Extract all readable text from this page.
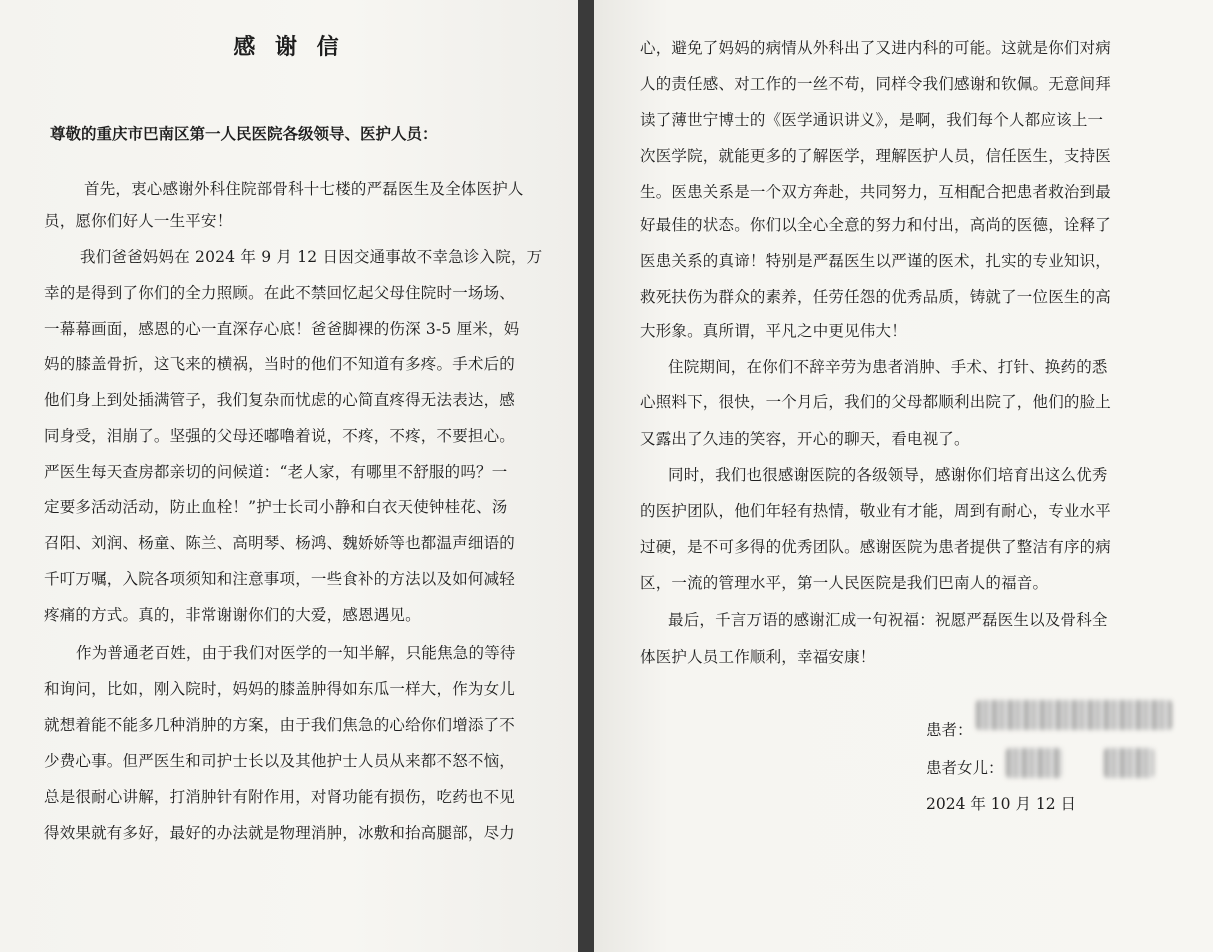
感 谢 信
尊敬的重庆市巴南区第一人民医院各级领导、医护人员：
首先，衷心感谢外科住院部骨科十七楼的严磊医生及全体医护人
员，愿你们好人一生平安！
我们爸爸妈妈在 2024 年 9 月 12 日因交通事故不幸急诊入院，万
幸的是得到了你们的全力照顾。在此不禁回忆起父母住院时一场场、
一幕幕画面，感恩的心一直深存心底！爸爸脚裸的伤深 3-5 厘米，妈
妈的膝盖骨折，这飞来的横祸，当时的他们不知道有多疼。手术后的
他们身上到处插满管子，我们复杂而忧虑的心简直疼得无法表达，感
同身受，泪崩了。坚强的父母还嘟噜着说，不疼，不疼，不要担心。
严医生每天查房都亲切的问候道：“老人家，有哪里不舒服的吗？一
定要多活动活动，防止血栓！”护士长司小静和白衣天使钟桂花、汤
召阳、刘润、杨童、陈兰、高明琴、杨鸿、魏娇娇等也都温声细语的
千叮万嘱，入院各项须知和注意事项，一些食补的方法以及如何减轻
疼痛的方式。真的，非常谢谢你们的大爱，感恩遇见。
作为普通老百姓，由于我们对医学的一知半解，只能焦急的等待
和询问，比如，刚入院时，妈妈的膝盖肿得如东瓜一样大，作为女儿
就想着能不能多几种消肿的方案，由于我们焦急的心给你们增添了不
少费心事。但严医生和司护士长以及其他护士人员从来都不怒不恼，
总是很耐心讲解，打消肿针有附作用，对肾功能有损伤，吃药也不见
得效果就有多好，最好的办法就是物理消肿，冰敷和抬高腿部，尽力
心，避免了妈妈的病情从外科出了又进内科的可能。这就是你们对病
人的责任感、对工作的一丝不苟，同样令我们感谢和钦佩。无意间拜
读了薄世宁博士的《医学通识讲义》，是啊，我们每个人都应该上一
次医学院，就能更多的了解医学，理解医护人员，信任医生，支持医
生。医患关系是一个双方奔赴，共同努力，互相配合把患者救治到最
好最佳的状态。你们以全心全意的努力和付出，高尚的医德，诠释了
医患关系的真谛！特别是严磊医生以严谨的医术，扎实的专业知识，
救死扶伤为群众的素养，任劳任怨的优秀品质，铸就了一位医生的高
大形象。真所谓，平凡之中更见伟大！
住院期间，在你们不辞辛劳为患者消肿、手术、打针、换药的悉
心照料下，很快，一个月后，我们的父母都顺利出院了，他们的脸上
又露出了久违的笑容，开心的聊天，看电视了。
同时，我们也很感谢医院的各级领导，感谢你们培育出这么优秀
的医护团队，他们年轻有热情，敬业有才能，周到有耐心，专业水平
过硬，是不可多得的优秀团队。感谢医院为患者提供了整洁有序的病
区，一流的管理水平，第一人民医院是我们巴南人的福音。
最后，千言万语的感谢汇成一句祝福：祝愿严磊医生以及骨科全
体医护人员工作顺利，幸福安康！
患者：
患者女儿：
2024 年 10 月 12 日
